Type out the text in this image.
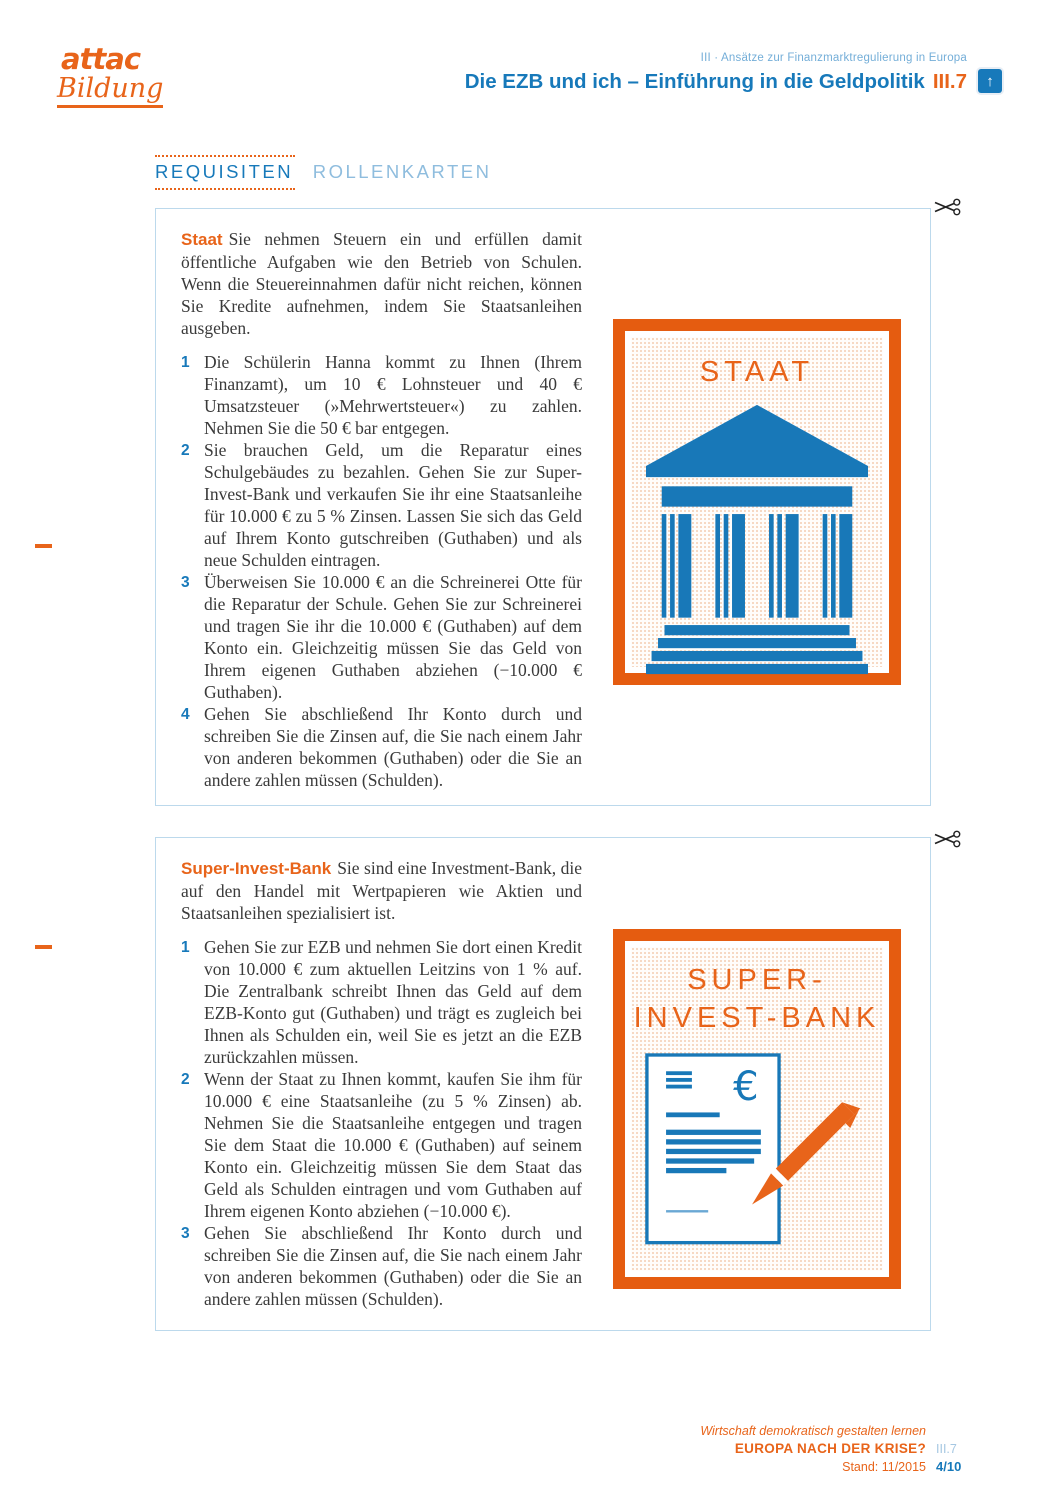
attac
Bildung
III · Ansätze zur Finanzmarktregulierung in Europa
Die EZB und ich – Einführung in die Geldpolitik III.7	↑
REQUISITEN ROLLENKARTEN

Staat Sie nehmen Steuern ein und erfüllen damit öffentliche Aufgaben wie den Betrieb von Schulen. Wenn die Steuereinnahmen dafür nicht reichen, können Sie Kredite aufnehmen, indem Sie Staatsanleihen ausgeben.

1 Die Schülerin Hanna kommt zu Ihnen (Ihrem Finanzamt), um 10 € Lohnsteuer und 40 € Umsatzsteuer (»Mehrwertsteuer«) zu zahlen. Nehmen Sie die 50 € bar entgegen.
2 Sie brauchen Geld, um die Reparatur eines Schulgebäudes zu bezahlen. Gehen Sie zur Super-Invest-Bank und verkaufen Sie ihr eine Staatsanleihe für 10.000 € zu 5 % Zinsen. Lassen Sie sich das Geld auf Ihrem Konto gutschreiben (Guthaben) und als neue Schulden eintragen.
3 Überweisen Sie 10.000 € an die Schreinerei Otte für die Reparatur der Schule. Gehen Sie zur Schreinerei und tragen Sie ihr die 10.000 € (Guthaben) auf dem Konto ein. Gleichzeitig müssen Sie das Geld von Ihrem eigenen Guthaben abziehen (−10.000 € Guthaben).
4 Gehen Sie abschließend Ihr Konto durch und schreiben Sie die Zinsen auf, die Sie nach einem Jahr von anderen bekommen (Guthaben) oder die Sie an andere zahlen müssen (Schulden).
STAAT

Super-Invest-Bank Sie sind eine Investment-Bank, die auf den Handel mit Wertpapieren wie Aktien und Staatsanleihen spezialisiert ist.

1 Gehen Sie zur EZB und nehmen Sie dort einen Kredit von 10.000 € zum aktuellen Leitzins von 1 % auf. Die Zentralbank schreibt Ihnen das Geld auf dem EZB-Konto gut (Guthaben) und trägt es zugleich bei Ihnen als Schulden ein, weil Sie es jetzt an die EZB zurückzahlen müssen.
2 Wenn der Staat zu Ihnen kommt, kaufen Sie ihm für 10.000 € eine Staatsanleihe (zu 5 % Zinsen) ab. Nehmen Sie die Staatsanleihe entgegen und tragen Sie dem Staat die 10.000 € (Guthaben) auf seinem Konto ein. Gleichzeitig müssen Sie dem Staat das Geld als Schulden eintragen und vom Guthaben auf Ihrem eigenen Konto abziehen (−10.000 €).
3 Gehen Sie abschließend Ihr Konto durch und schreiben Sie die Zinsen auf, die Sie nach einem Jahr von anderen bekommen (Guthaben) oder die Sie an andere zahlen müssen (Schulden).
SUPER-
INVEST-BANK
€
Wirtschaft demokratisch gestalten lernen
EUROPA NACH DER KRISE? III.7
Stand: 11/2015 4/10
